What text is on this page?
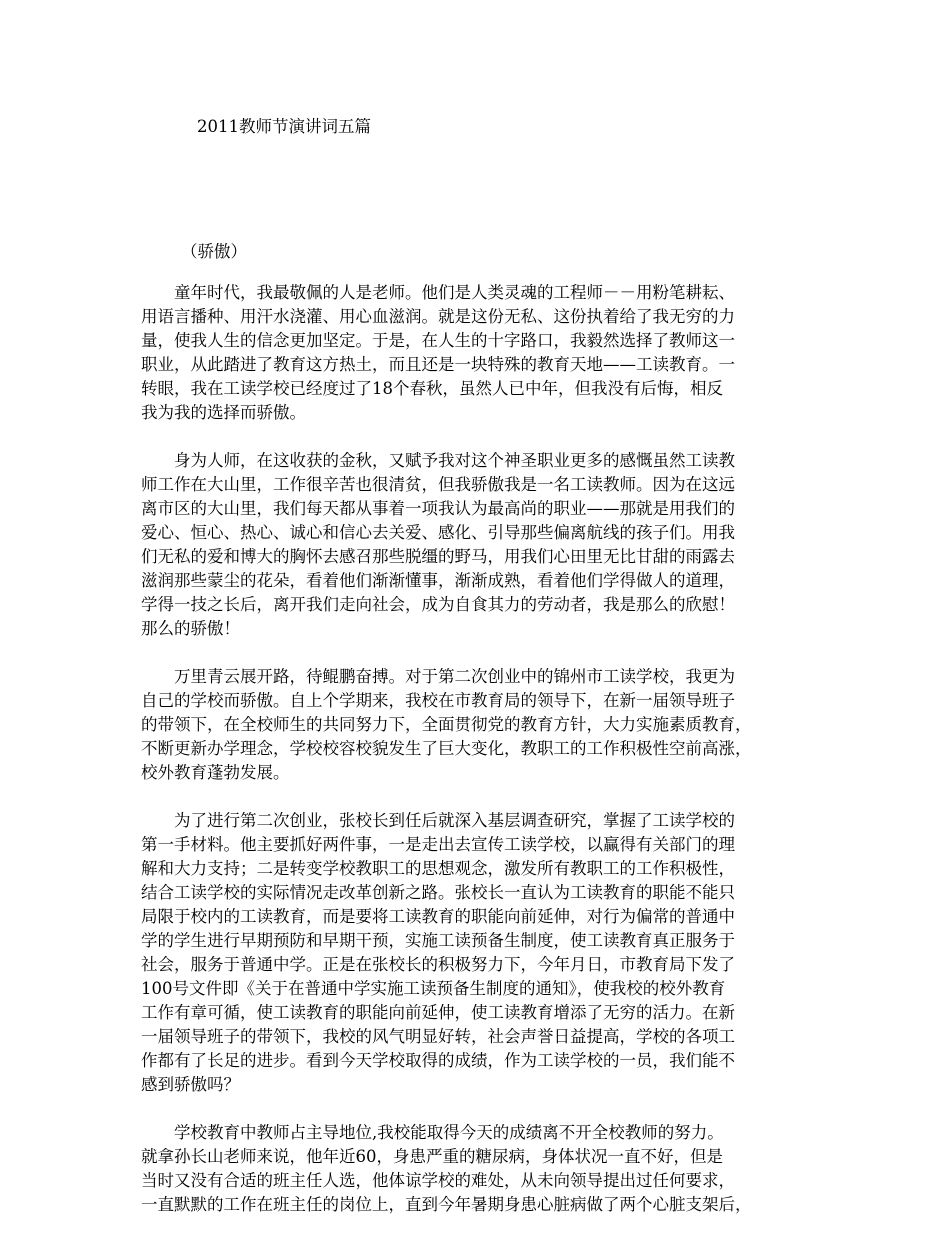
2011教师节演讲词五篇
（骄傲）
　　童年时代，我最敬佩的人是老师。他们是人类灵魂的工程师－－用粉笔耕耘、
用语言播种、用汗水浇灌、用心血滋润。就是这份无私、这份执着给了我无穷的力
量，使我人生的信念更加坚定。于是，在人生的十字路口，我毅然选择了教师这一
职业，从此踏进了教育这方热土，而且还是一块特殊的教育天地——工读教育。一
转眼，我在工读学校已经度过了18个春秋，虽然人已中年，但我没有后悔，相反
我为我的选择而骄傲。
　　身为人师，在这收获的金秋，又赋予我对这个神圣职业更多的感慨虽然工读教
师工作在大山里，工作很辛苦也很清贫，但我骄傲我是一名工读教师。因为在这远
离市区的大山里，我们每天都从事着一项我认为最高尚的职业——那就是用我们的
爱心、恒心、热心、诚心和信心去关爱、感化、引导那些偏离航线的孩子们。用我
们无私的爱和博大的胸怀去感召那些脱缰的野马，用我们心田里无比甘甜的雨露去
滋润那些蒙尘的花朵，看着他们渐渐懂事，渐渐成熟，看着他们学得做人的道理，
学得一技之长后，离开我们走向社会，成为自食其力的劳动者，我是那么的欣慰！
那么的骄傲！
　　万里青云展开路，待鲲鹏奋搏。对于第二次创业中的锦州市工读学校，我更为
自己的学校而骄傲。自上个学期来，我校在市教育局的领导下，在新一届领导班子
的带领下，在全校师生的共同努力下，全面贯彻党的教育方针，大力实施素质教育，
不断更新办学理念，学校校容校貌发生了巨大变化，教职工的工作积极性空前高涨，
校外教育蓬勃发展。
　　为了进行第二次创业，张校长到任后就深入基层调查研究，掌握了工读学校的
第一手材料。他主要抓好两件事，一是走出去宣传工读学校，以赢得有关部门的理
解和大力支持；二是转变学校教职工的思想观念，激发所有教职工的工作积极性，
结合工读学校的实际情况走改革创新之路。张校长一直认为工读教育的职能不能只
局限于校内的工读教育，而是要将工读教育的职能向前延伸，对行为偏常的普通中
学的学生进行早期预防和早期干预，实施工读预备生制度，使工读教育真正服务于
社会，服务于普通中学。正是在张校长的积极努力下，今年月日，市教育局下发了
100号文件即《关于在普通中学实施工读预备生制度的通知》，使我校的校外教育
工作有章可循，使工读教育的职能向前延伸，使工读教育增添了无穷的活力。在新
一届领导班子的带领下，我校的风气明显好转，社会声誉日益提高，学校的各项工
作都有了长足的进步。看到今天学校取得的成绩，作为工读学校的一员，我们能不
感到骄傲吗？
　　学校教育中教师占主导地位,我校能取得今天的成绩离不开全校教师的努力。
就拿孙长山老师来说，他年近60，身患严重的糖尿病，身体状况一直不好，但是
当时又没有合适的班主任人选，他体谅学校的难处，从未向领导提出过任何要求，
一直默默的工作在班主任的岗位上，直到今年暑期身患心脏病做了两个心脏支架后，
